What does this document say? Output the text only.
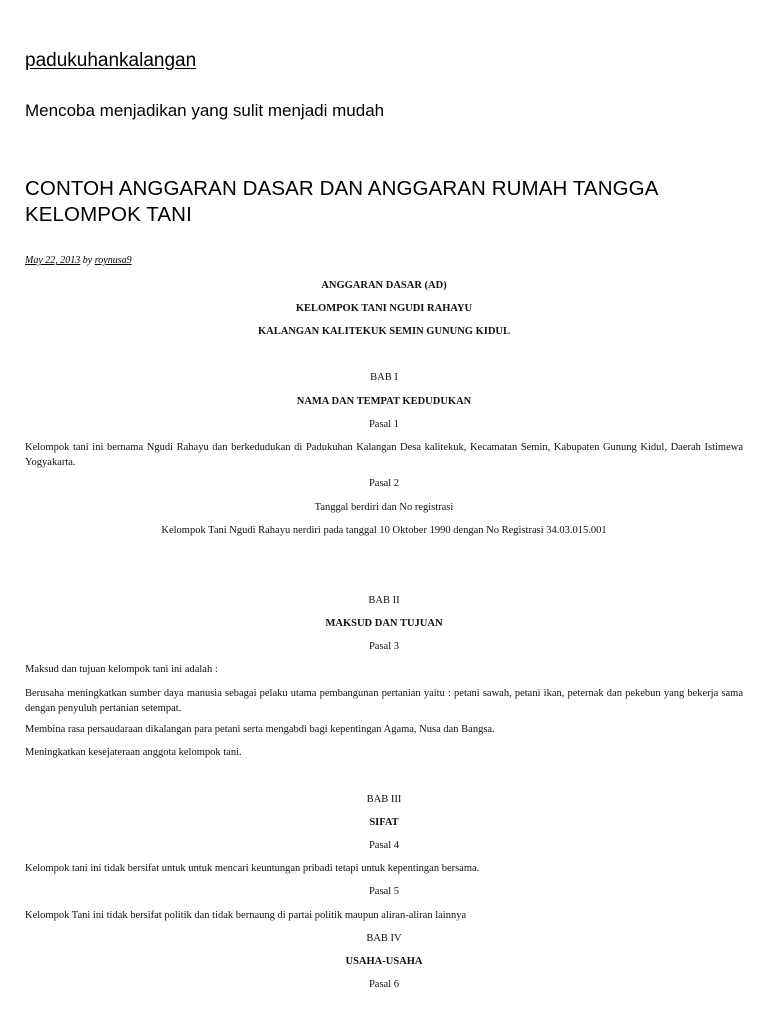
padukuhankalangan
Mencoba menjadikan yang sulit menjadi mudah
CONTOH ANGGARAN DASAR DAN ANGGARAN RUMAH TANGGA KELOMPOK TANI
May 22, 2013 by roynusa9
ANGGARAN DASAR (AD)
KELOMPOK TANI NGUDI RAHAYU
KALANGAN KALITEKUK SEMIN GUNUNG KIDUL
BAB I
NAMA DAN TEMPAT KEDUDUKAN
Pasal 1
Kelompok tani ini bernama Ngudi Rahayu dan berkedudukan di Padukuhan Kalangan Desa kalitekuk, Kecamatan Semin, Kabupaten Gunung Kidul, Daerah Istimewa Yogyakarta.
Pasal 2
Tanggal berdiri dan No registrasi
Kelompok Tani Ngudi Rahayu nerdiri pada tanggal 10 Oktober 1990 dengan No Registrasi 34.03.015.001
BAB II
MAKSUD DAN TUJUAN
Pasal 3
Maksud dan tujuan kelompok tani ini adalah :
Berusaha meningkatkan sumber daya manusia sebagai pelaku utama pembangunan pertanian yaitu : petani sawah, petani ikan, peternak dan pekebun yang bekerja sama dengan penyuluh pertanian setempat.
Membina rasa persaudaraan dikalangan para petani serta mengabdi bagi kepentingan Agama, Nusa dan Bangsa.
Meningkatkan kesejateraan anggota kelompok tani.
BAB III
SIFAT
Pasal 4
Kelompok tani ini tidak bersifat untuk untuk mencari keuntungan pribadi tetapi untuk kepentingan bersama.
Pasal 5
Kelompok Tani ini tidak bersifat politik dan tidak bernaung di partai politik maupun aliran-aliran lainnya
BAB IV
USAHA-USAHA
Pasal 6
